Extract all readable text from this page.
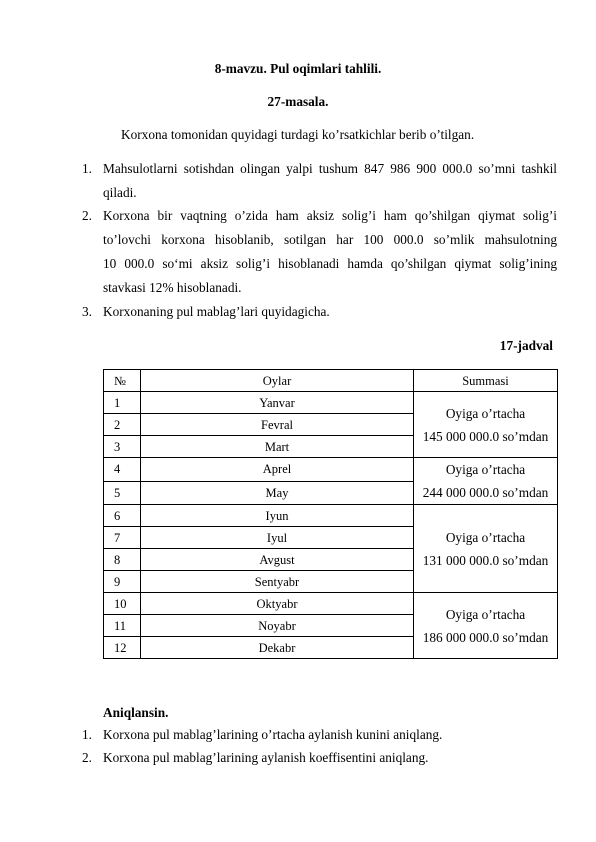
8-mavzu. Pul oqimlari tahlili.
27-masala.
Korxona tomonidan quyidagi turdagi ko’rsatkichlar berib o’tilgan.
1. Mahsulotlarni sotishdan olingan yalpi tushum 847 986 900 000.0 so’mni tashkil
qiladi.
2. Korxona bir vaqtning o’zida ham aksiz solig’i ham qo’shilgan qiymat solig’i
to’lovchi korxona hisoblanib, sotilgan har 100 000.0 so’mlik mahsulotning
10 000.0 so‘mi aksiz solig’i hisoblanadi hamda qo’shilgan qiymat solig’ining
stavkasi 12% hisoblanadi.
3. Korxonaning pul mablag’lari quyidagicha.
17-jadval
№	Oylar	Summasi
1	Yanvar	Oyiga o’rtacha
145 000 000.0 so’mdan

2	Fevral	
3	Mart	
4	Aprel	Oyiga o’rtacha
244 000 000.0 so’mdan

5	May	
6	Iyun	Oyiga o’rtacha
131 000 000.0 so’mdan

7	Iyul	
8	Avgust	
9	Sentyabr	
10	Oktyabr	Oyiga o’rtacha
186 000 000.0 so’mdan

11	Noyabr	
12	Dekabr	
Aniqlansin.
1. Korxona pul mablag’larining o’rtacha aylanish kunini aniqlang.
2. Korxona pul mablag’larining aylanish koeffisentini aniqlang.
